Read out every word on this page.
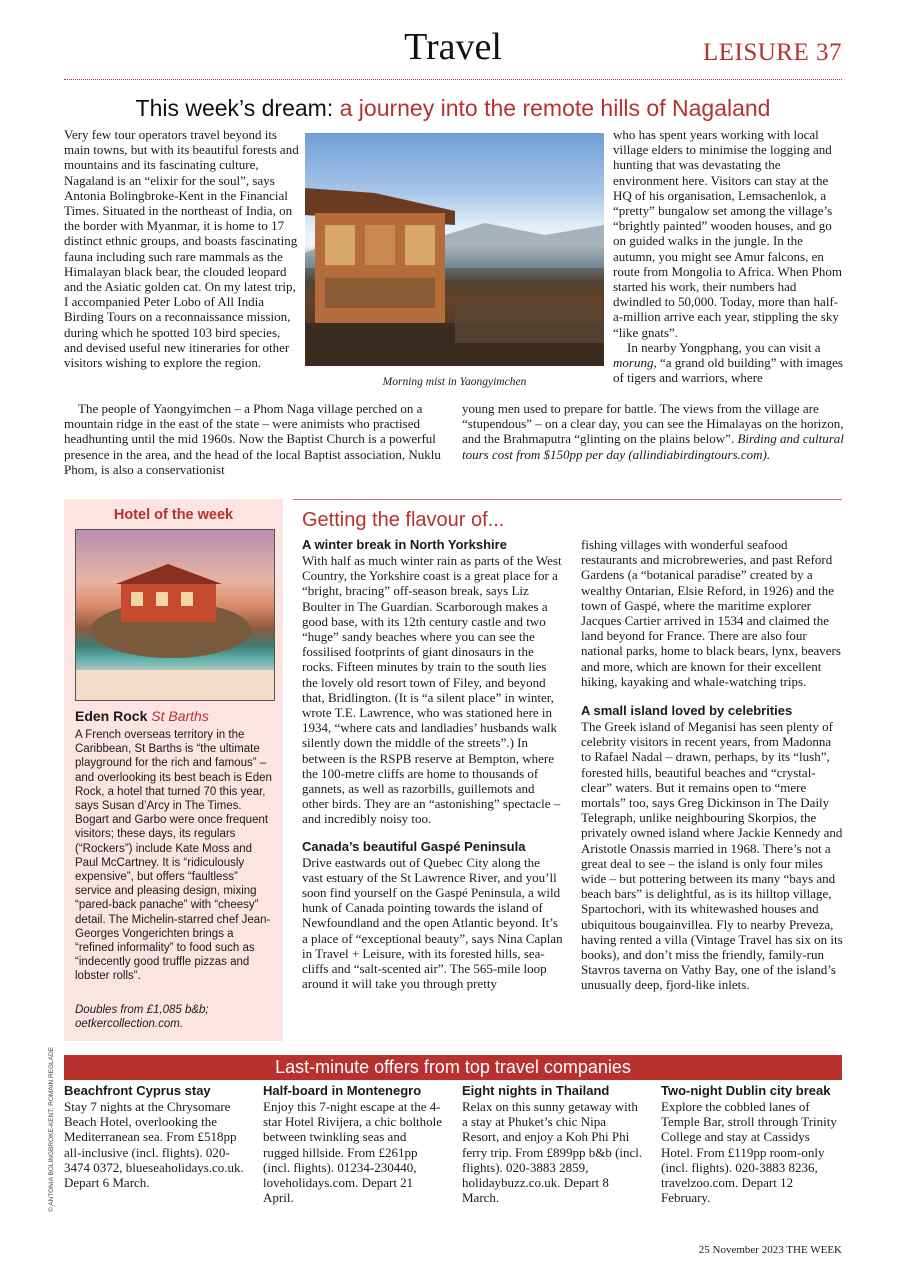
Travel	LEISURE 37
This week’s dream: a journey into the remote hills of Nagaland

Very few tour operators travel beyond its main towns, but with its beautiful forests and mountains and its fascinating culture, Nagaland is an “elixir for the soul”, says Antonia Bolingbroke-Kent in the Financial Times. Situated in the northeast of India, on the border with Myanmar, it is home to 17 distinct ethnic groups, and boasts fascinating fauna including such rare mammals as the Himalayan black bear, the clouded leopard and the Asiatic golden cat. On my latest trip, I accompanied Peter Lobo of All India Birding Tours on a reconnaissance mission, during which he spotted 103 bird species, and devised useful new itineraries for other visitors wishing to explore the region.

Morning mist in Yaongyimchen

who has spent years working with local village elders to minimise the logging and hunting that was devastating the environment here. Visitors can stay at the HQ of his organisation, Lemsachenlok, a “pretty” bungalow set among the village’s “brightly painted” wooden houses, and go on guided walks in the jungle. In the autumn, you might see Amur falcons, en route from Mongolia to Africa. When Phom started his work, their numbers had dwindled to 50,000. Today, more than half-a-million arrive each year, stippling the sky “like gnats”.

In nearby Yongphang, you can visit a morung, “a grand old building” with images of tigers and warriors, where

The people of Yaongyimchen – a Phom Naga village perched on a mountain ridge in the east of the state – were animists who practised headhunting until the mid 1960s. Now the Baptist Church is a powerful presence in the area, and the head of the local Baptist association, Nuklu Phom, is also a conservationist

young men used to prepare for battle. The views from the village are “stupendous” – on a clear day, you can see the Himalayas on the horizon, and the Brahmaputra “glinting on the plains below”. Birding and cultural tours cost from $150pp per day (allindiabirdingtours.com).

Hotel of the week
Eden Rock St Barths
A French overseas territory in the Caribbean, St Barths is “the ultimate playground for the rich and famous” – and overlooking its best beach is Eden Rock, a hotel that turned 70 this year, says Susan d’Arcy in The Times. Bogart and Garbo were once frequent visitors; these days, its regulars (“Rockers”) include Kate Moss and Paul McCartney. It is “ridiculously expensive”, but offers “faultless” service and pleasing design, mixing “pared-back panache” with “cheesy” detail. The Michelin-starred chef Jean-Georges Vongerichten brings a “refined informality” to food such as “indecently good truffle pizzas and lobster rolls”.
Doubles from £1,085 b&b; oetkercollection.com.
Getting the flavour of...

A winter break in North Yorkshire

With half as much winter rain as parts of the West Country, the Yorkshire coast is a great place for a “bright, bracing” off-season break, says Liz Boulter in The Guardian. Scarborough makes a good base, with its 12th century castle and two “huge” sandy beaches where you can see the fossilised footprints of giant dinosaurs in the rocks. Fifteen minutes by train to the south lies the lovely old resort town of Filey, and beyond that, Bridlington. (It is “a silent place” in winter, wrote T.E. Lawrence, who was stationed here in 1934, “where cats and landladies’ husbands walk silently down the middle of the streets”.) In between is the RSPB reserve at Bempton, where the 100-metre cliffs are home to thousands of gannets, as well as razorbills, guillemots and other birds. They are an “astonishing” spectacle – and incredibly noisy too.

Canada’s beautiful Gaspé Peninsula

Drive eastwards out of Quebec City along the vast estuary of the St Lawrence River, and you’ll soon find yourself on the Gaspé Peninsula, a wild hunk of Canada pointing towards the island of Newfoundland and the open Atlantic beyond. It’s a place of “exceptional beauty”, says Nina Caplan in Travel + Leisure, with its forested hills, sea-cliffs and “salt-scented air”. The 565-mile loop around it will take you through pretty

fishing villages with wonderful seafood restaurants and microbreweries, and past Reford Gardens (a “botanical paradise” created by a wealthy Ontarian, Elsie Reford, in 1926) and the town of Gaspé, where the maritime explorer Jacques Cartier arrived in 1534 and claimed the land beyond for France. There are also four national parks, home to black bears, lynx, beavers and more, which are known for their excellent hiking, kayaking and whale-watching trips.

A small island loved by celebrities

The Greek island of Meganisi has seen plenty of celebrity visitors in recent years, from Madonna to Rafael Nadal – drawn, perhaps, by its “lush”, forested hills, beautiful beaches and “crystal-clear” waters. But it remains open to “mere mortals” too, says Greg Dickinson in The Daily Telegraph, unlike neighbouring Skorpios, the privately owned island where Jackie Kennedy and Aristotle Onassis married in 1968. There’s not a great deal to see – the island is only four miles wide – but pottering between its many “bays and beach bars” is delightful, as is its hilltop village, Spartochori, with its whitewashed houses and ubiquitous bougainvillea. Fly to nearby Preveza, having rented a villa (Vintage Travel has six on its books), and don’t miss the friendly, family-run Stavros taverna on Vathy Bay, one of the island’s unusually deep, fjord-like inlets.

© ANTONIA BOLINGBROKE-KENT; ROMAIN REGLADE	Last-minute offers from top travel companies

Beachfront Cyprus stay

Stay 7 nights at the Chrysomare Beach Hotel, overlooking the Mediterranean sea. From £518pp all-inclusive (incl. flights). 020-3474 0372, blueseaholidays.co.uk. Depart 6 March.

Half-board in Montenegro

Enjoy this 7-night escape at the 4-star Hotel Rivijera, a chic bolthole between twinkling seas and rugged hillside. From £261pp (incl. flights). 01234-230440, loveholidays.com. Depart 21 April.

Eight nights in Thailand

Relax on this sunny getaway with a stay at Phuket’s chic Nipa Resort, and enjoy a Koh Phi Phi ferry trip. From £899pp b&b (incl. flights). 020-3883 2859, holidaybuzz.co.uk. Depart 8 March.

Two-night Dublin city break

Explore the cobbled lanes of Temple Bar, stroll through Trinity College and stay at Cassidys Hotel. From £119pp room-only (incl. flights). 020-3883 8236, travelzoo.com. Depart 12 February.

25 November 2023 THE WEEK
